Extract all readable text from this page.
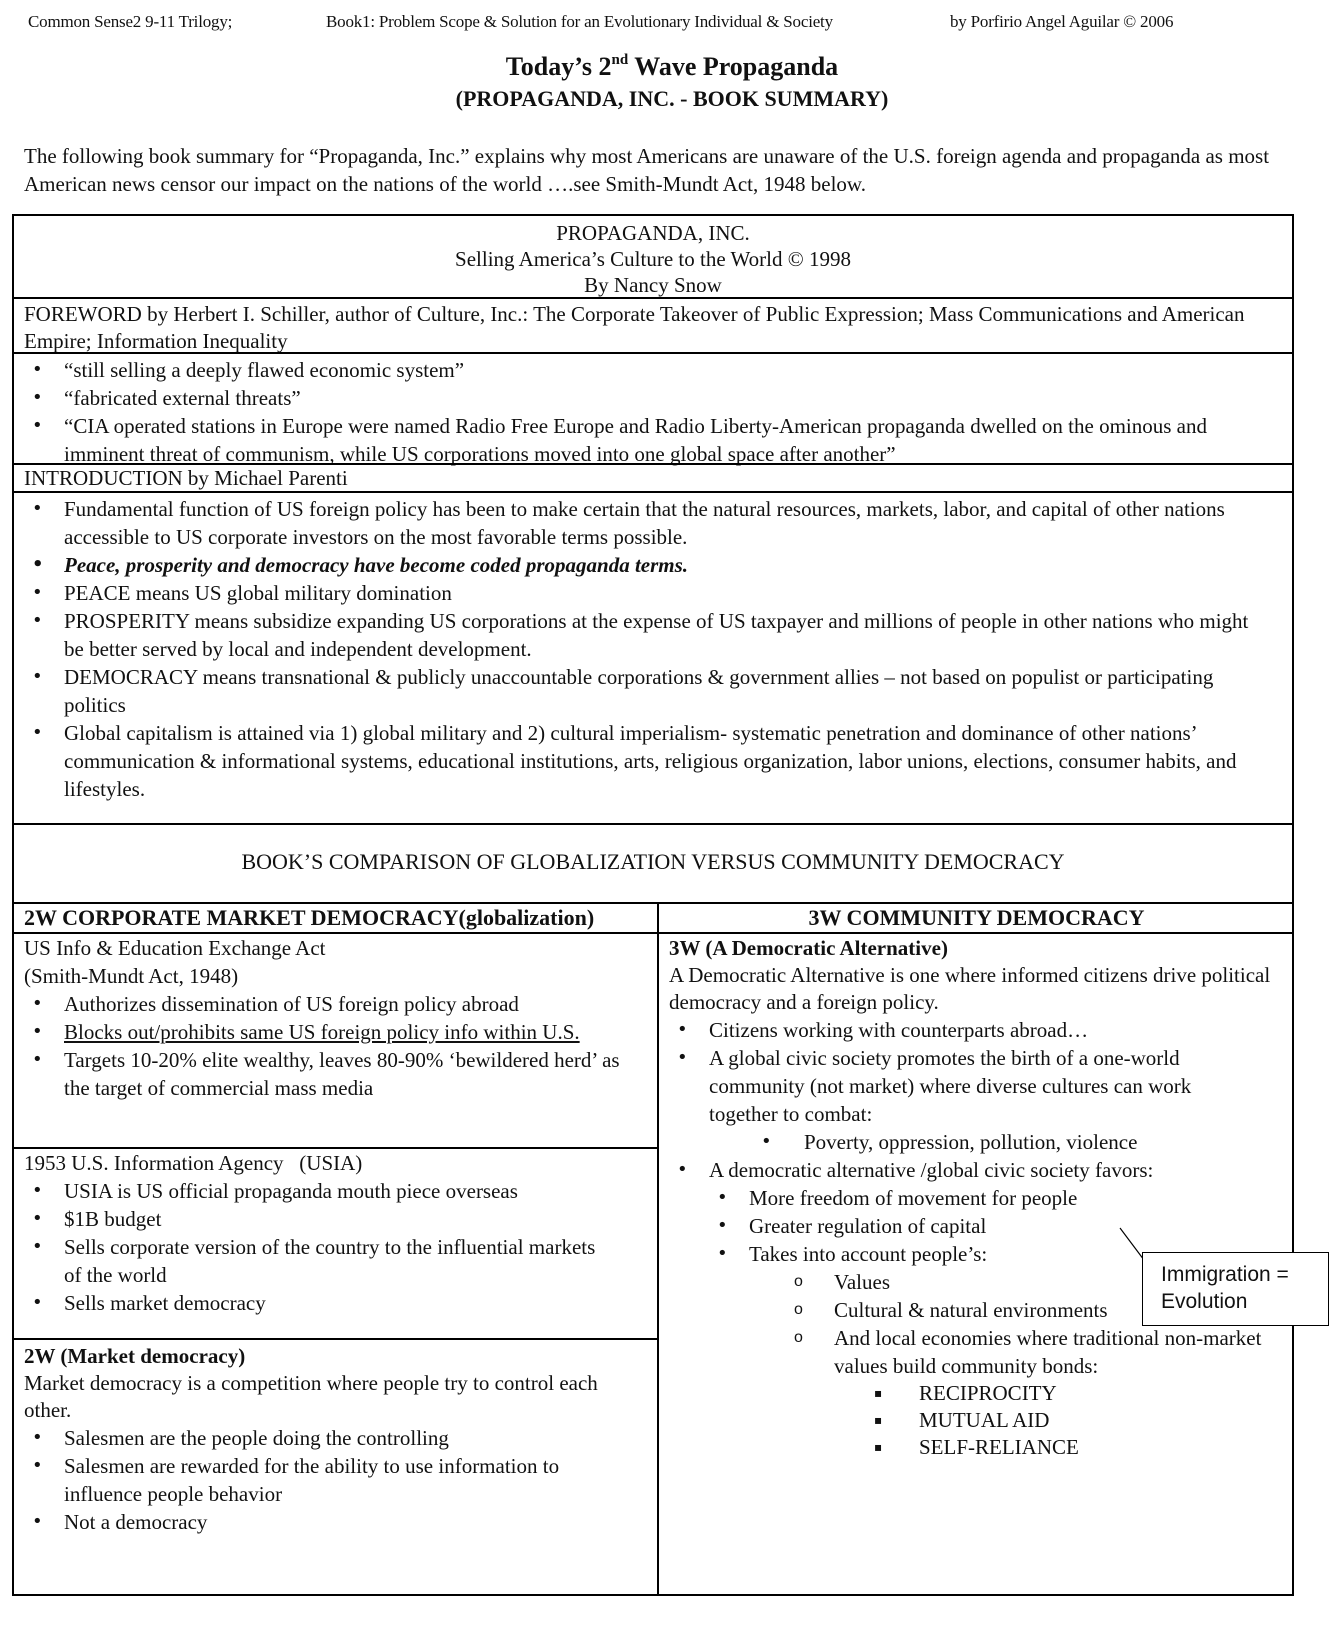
Common Sense2 9-11 Trilogy;	Book1: Problem Scope & Solution for an Evolutionary Individual & Society	by Porfirio Angel Aguilar © 2006
Today’s 2nd Wave Propaganda
(PROPAGANDA, INC. - BOOK SUMMARY)
The following book summary for “Propaganda, Inc.” explains why most Americans are unaware of the U.S. foreign agenda and propaganda as most American news censor our impact on the nations of the world ….see Smith-Mundt Act, 1948 below.
PROPAGANDA, INC.
Selling America’s Culture to the World © 1998
By Nancy Snow
FOREWORD by Herbert I. Schiller, author of Culture, Inc.: The Corporate Takeover of Public Expression; Mass Communications and American Empire; Information Inequality
• “still selling a deeply flawed economic system”
• “fabricated external threats”
• “CIA operated stations in Europe were named Radio Free Europe and Radio Liberty-American propaganda dwelled on the ominous and imminent threat of communism, while US corporations moved into one global space after another”
INTRODUCTION by Michael Parenti
• Fundamental function of US foreign policy has been to make certain that the natural resources, markets, labor, and capital of other nations accessible to US corporate investors on the most favorable terms possible.
• Peace, prosperity and democracy have become coded propaganda terms.
• PEACE means US global military domination
• PROSPERITY means subsidize expanding US corporations at the expense of US taxpayer and millions of people in other nations who might be better served by local and independent development.
• DEMOCRACY means transnational & publicly unaccountable corporations & government allies – not based on populist or participating politics
• Global capitalism is attained via 1) global military and 2) cultural imperialism- systematic penetration and dominance of other nations’ communication & informational systems, educational institutions, arts, religious organization, labor unions, elections, consumer habits, and lifestyles.
BOOK’S COMPARISON OF GLOBALIZATION VERSUS COMMUNITY DEMOCRACY
2W CORPORATE MARKET DEMOCRACY(globalization)	3W COMMUNITY DEMOCRACY
US Info & Education Exchange Act
(Smith-Mundt Act, 1948)
• Authorizes dissemination of US foreign policy abroad
• Blocks out/prohibits same US foreign policy info within U.S.
• Targets 10-20% elite wealthy, leaves 80-90% ‘bewildered herd’ as the target of commercial mass media
1953 U.S. Information Agency   (USIA)
• USIA is US official propaganda mouth piece overseas
• $1B budget
• Sells corporate version of the country to the influential markets of the world
• Sells market democracy
2W (Market democracy)
Market democracy is a competition where people try to control each other.
• Salesmen are the people doing the controlling
• Salesmen are rewarded for the ability to use information to influence people behavior
• Not a democracy
3W (A Democratic Alternative)
A Democratic Alternative is one where informed citizens drive political democracy and a foreign policy.
• Citizens working with counterparts abroad…
• A global civic society promotes the birth of a one-world community (not market) where diverse cultures can work together to combat:
• Poverty, oppression, pollution, violence
• A democratic alternative /global civic society favors:
• More freedom of movement for people
• Greater regulation of capital
• Takes into account people’s:
o Values
o Cultural & natural environments
o And local economies where traditional non-market values build community bonds:
▪ RECIPROCITY
▪ MUTUAL AID
▪ SELF-RELIANCE
Immigration =
Evolution
